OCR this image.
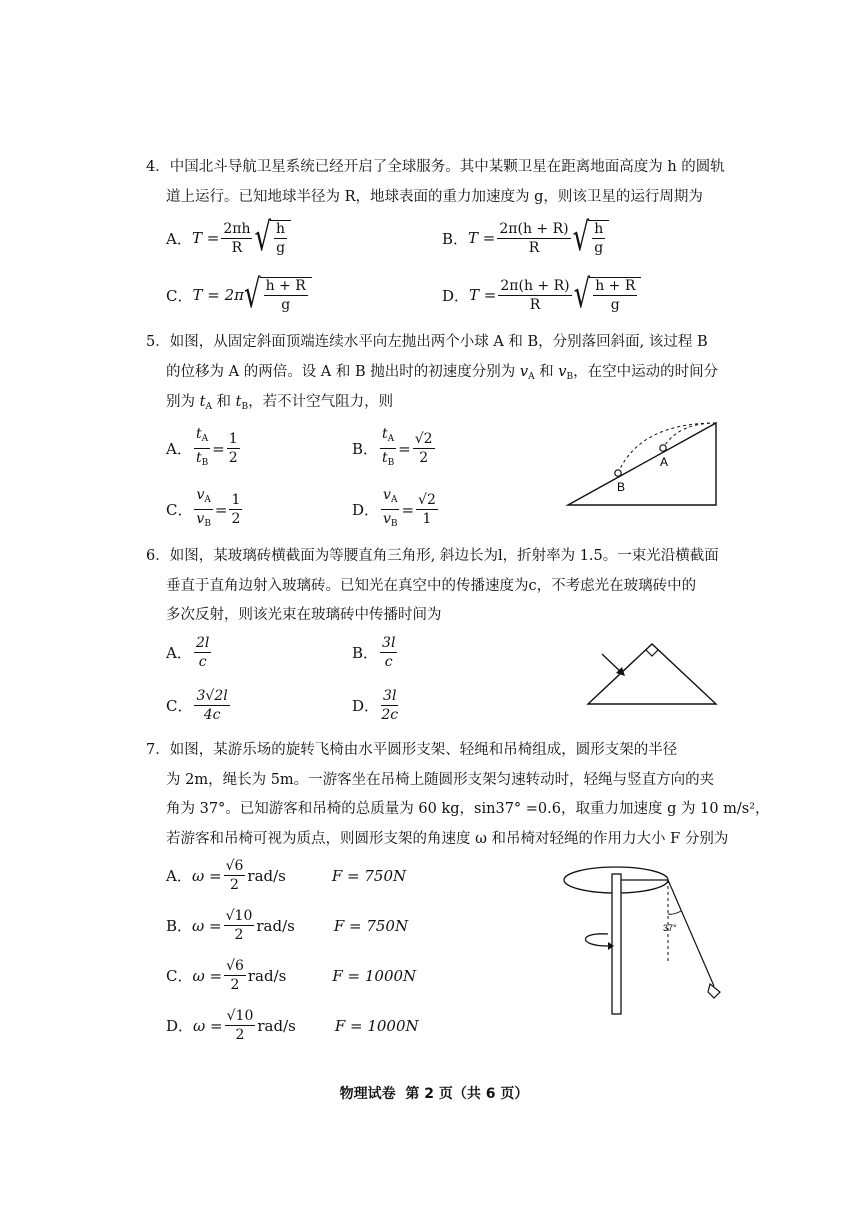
4．中国北斗导航卫星系统已经开启了全球服务。其中某颗卫星在距离地面高度为 h 的圆轨
道上运行。已知地球半径为 R，地球表面的重力加速度为 g，则该卫星的运行周期为
A． $T = \frac{2\pi h}{R}$ √ $\frac{h}{g}$	B． $T = \frac{2\pi(h + R)}{R}$ √ $\frac{h}{g}$
C． T = 2π √ $\frac{h + R}{g}$	D． $T = \frac{2\pi(h + R)}{R}$ √ $\frac{h + R}{g}$
5．如图，从固定斜面顶端连续水平向左抛出两个小球 A 和 B，分别落回斜面, 该过程 B
的位移为 A 的两倍。设 A 和 B 抛出时的初速度分别为 $v_A$ 和 $v_B$，在空中运动的时间分
别为 $t_A$ 和 $t_B$，若不计空气阻力，则
A． $\frac{t_A}{t_B} = \frac{1}{2}$	B． $\frac{t_A}{t_B} = \frac{√2}{2}$
C． $\frac{v_A}{v_B} = \frac{1}{2}$	D． $\frac{v_A}{v_B} = \frac{√2}{1}$
A
B
6．如图，某玻璃砖横截面为等腰直角三角形, 斜边长为l，折射率为 1.5。一束光沿横截面
垂直于直角边射入玻璃砖。已知光在真空中的传播速度为c，不考虑光在玻璃砖中的
多次反射，则该光束在玻璃砖中传播时间为
A． $\frac{2l}{c}$	B． $\frac{3l}{c}$
C． $\frac{3√2l}{4c}$	D． $\frac{3l}{2c}$
7．如图，某游乐场的旋转飞椅由水平圆形支架、轻绳和吊椅组成，圆形支架的半径
为 2m，绳长为 5m。一游客坐在吊椅上随圆形支架匀速转动时，轻绳与竖直方向的夹
角为 37°。已知游客和吊椅的总质量为 60 kg，sin37° =0.6，取重力加速度 g 为 10 m/s²，
若游客和吊椅可视为质点，则圆形支架的角速度 ω 和吊椅对轻绳的作用力大小 F 分别为
A． $\omega = \frac{√6}{2} rad/s$	F = 750N
B． $\omega = \frac{√10}{2} rad/s$	F = 750N
C． $\omega = \frac{√6}{2} rad/s$	F = 1000N
D． $\omega = \frac{√10}{2} rad/s$	F = 1000N
37°
物理试卷  第 2 页（共 6 页）
